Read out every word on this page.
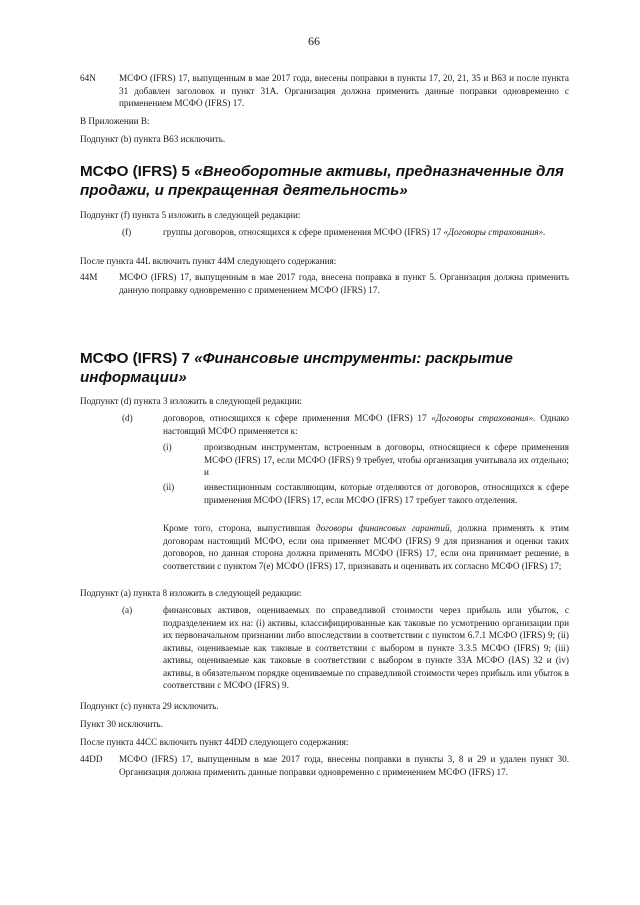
66
64N	МСФО (IFRS) 17, выпущенным в мае 2017 года, внесены поправки в пункты 17, 20, 21, 35 и B63 и после пункта 31 добавлен заголовок и пункт 31A. Организация должна применить данные поправки одновременно с применением МСФО (IFRS) 17.
В Приложении B:
Подпункт (b) пункта B63 исключить.
МСФО (IFRS) 5 «Внеоборотные активы, предназначенные для продажи, и прекращенная деятельность»
Подпункт (f) пункта 5 изложить в следующей редакции:
(f)	группы договоров, относящихся к сфере применения МСФО (IFRS) 17 «Договоры страхования».
После пункта 44L включить пункт 44M следующего содержания:
44M МСФО (IFRS) 17, выпущенным в мае 2017 года, внесена поправка в пункт 5. Организация должна применить данную поправку одновременно с применением МСФО (IFRS) 17.
МСФО (IFRS) 7 «Финансовые инструменты: раскрытие информации»
Подпункт (d) пункта 3 изложить в следующей редакции:
(d)	договоров, относящихся к сфере применения МСФО (IFRS) 17 «Договоры страхования». Однако настоящий МСФО применяется к:
(i)	производным инструментам, встроенным в договоры, относящиеся к сфере применения МСФО (IFRS) 17, если МСФО (IFRS) 9 требует, чтобы организация учитывала их отдельно; и
(ii)	инвестиционным составляющим, которые отделяются от договоров, относящихся к сфере применения МСФО (IFRS) 17, если МСФО (IFRS) 17 требует такого отделения.
Кроме того, сторона, выпустившая договоры финансовых гарантий, должна применять к этим договорам настоящий МСФО, если она применяет МСФО (IFRS) 9 для признания и оценки таких договоров, но данная сторона должна применять МСФО (IFRS) 17, если она принимает решение, в соответствии с пунктом 7(e) МСФО (IFRS) 17, признавать и оценивать их согласно МСФО (IFRS) 17;
Подпункт (a) пункта 8 изложить в следующей редакции:
(a)	финансовых активов, оцениваемых по справедливой стоимости через прибыль или убыток, с подразделением их на: (i) активы, классифицированные как таковые по усмотрению организации при их первоначальном признании либо впоследствии в соответствии с пунктом 6.7.1 МСФО (IFRS) 9; (ii) активы, оцениваемые как таковые в соответствии с выбором в пункте 3.3.5 МСФО (IFRS) 9; (iii) активы, оцениваемые как таковые в соответствии с выбором в пункте 33A МСФО (IAS) 32 и (iv) активы, в обязательном порядке оцениваемые по справедливой стоимости через прибыль или убыток в соответствии с МСФО (IFRS) 9.
Подпункт (c) пункта 29 исключить.
Пункт 30 исключить.
После пункта 44CC включить пункт 44DD следующего содержания:
44DD МСФО (IFRS) 17, выпущенным в мае 2017 года, внесены поправки в пункты 3, 8 и 29 и удален пункт 30. Организация должна применить данные поправки одновременно с применением МСФО (IFRS) 17.
